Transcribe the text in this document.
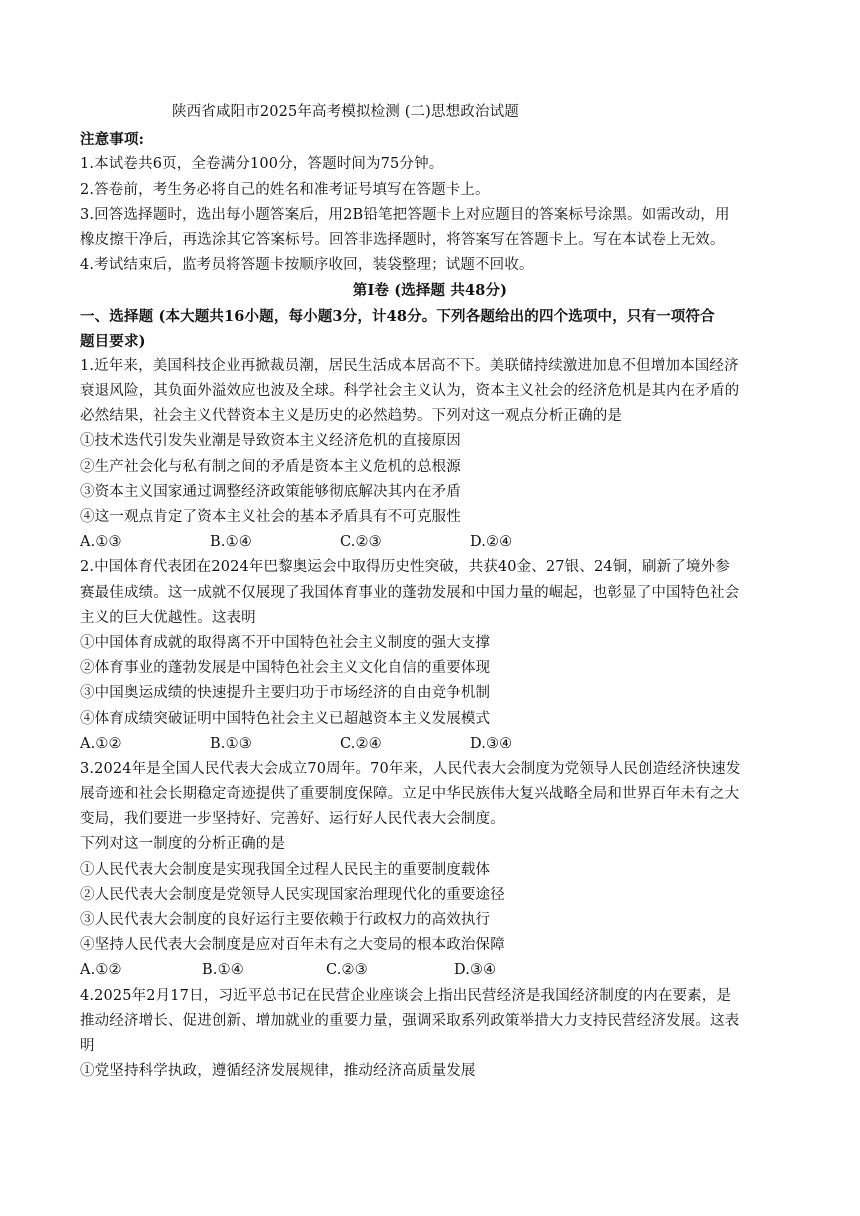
陕西省咸阳市2025年高考模拟检测 (二)思想政治试题
注意事项:
1.本试卷共6页，全卷满分100分，答题时间为75分钟。
2.答卷前，考生务必将自己的姓名和准考证号填写在答题卡上。
3.回答选择题时，选出每小题答案后，用2B铅笔把答题卡上对应题目的答案标号涂黑。如需改动，用
橡皮擦干净后，再选涂其它答案标号。回答非选择题时，将答案写在答题卡上。写在本试卷上无效。
4.考试结束后，监考员将答题卡按顺序收回，装袋整理；试题不回收。
第Ⅰ卷 (选择题 共48分)
一、选择题 (本大题共16小题，每小题3分，计48分。下列各题给出的四个选项中，只有一项符合
题目要求)
1.近年来，美国科技企业再掀裁员潮，居民生活成本居高不下。美联储持续激进加息不但增加本国经济
衰退风险，其负面外溢效应也波及全球。科学社会主义认为，资本主义社会的经济危机是其内在矛盾的
必然结果，社会主义代替资本主义是历史的必然趋势。下列对这一观点分析正确的是
①技术迭代引发失业潮是导致资本主义经济危机的直接原因
②生产社会化与私有制之间的矛盾是资本主义危机的总根源
③资本主义国家通过调整经济政策能够彻底解决其内在矛盾
④这一观点肯定了资本主义社会的基本矛盾具有不可克服性
A.①③	B.①④	C.②③	D.②④
2.中国体育代表团在2024年巴黎奥运会中取得历史性突破，共获40金、27银、24铜，刷新了境外参
赛最佳成绩。这一成就不仅展现了我国体育事业的蓬勃发展和中国力量的崛起，也彰显了中国特色社会
主义的巨大优越性。这表明
①中国体育成就的取得离不开中国特色社会主义制度的强大支撑
②体育事业的蓬勃发展是中国特色社会主义文化自信的重要体现
③中国奥运成绩的快速提升主要归功于市场经济的自由竞争机制
④体育成绩突破证明中国特色社会主义已超越资本主义发展模式
A.①②	B.①③	C.②④	D.③④
3.2024年是全国人民代表大会成立70周年。70年来，人民代表大会制度为党领导人民创造经济快速发
展奇迹和社会长期稳定奇迹提供了重要制度保障。立足中华民族伟大复兴战略全局和世界百年未有之大
变局，我们要进一步坚持好、完善好、运行好人民代表大会制度。
下列对这一制度的分析正确的是
①人民代表大会制度是实现我国全过程人民民主的重要制度载体
②人民代表大会制度是党领导人民实现国家治理现代化的重要途径
③人民代表大会制度的良好运行主要依赖于行政权力的高效执行
④坚持人民代表大会制度是应对百年未有之大变局的根本政治保障
A.①②	B.①④	C.②③	D.③④
4.2025年2月17日，习近平总书记在民营企业座谈会上指出民营经济是我国经济制度的内在要素，是
推动经济增长、促进创新、增加就业的重要力量，强调采取系列政策举措大力支持民营经济发展。这表
明
①党坚持科学执政，遵循经济发展规律，推动经济高质量发展
